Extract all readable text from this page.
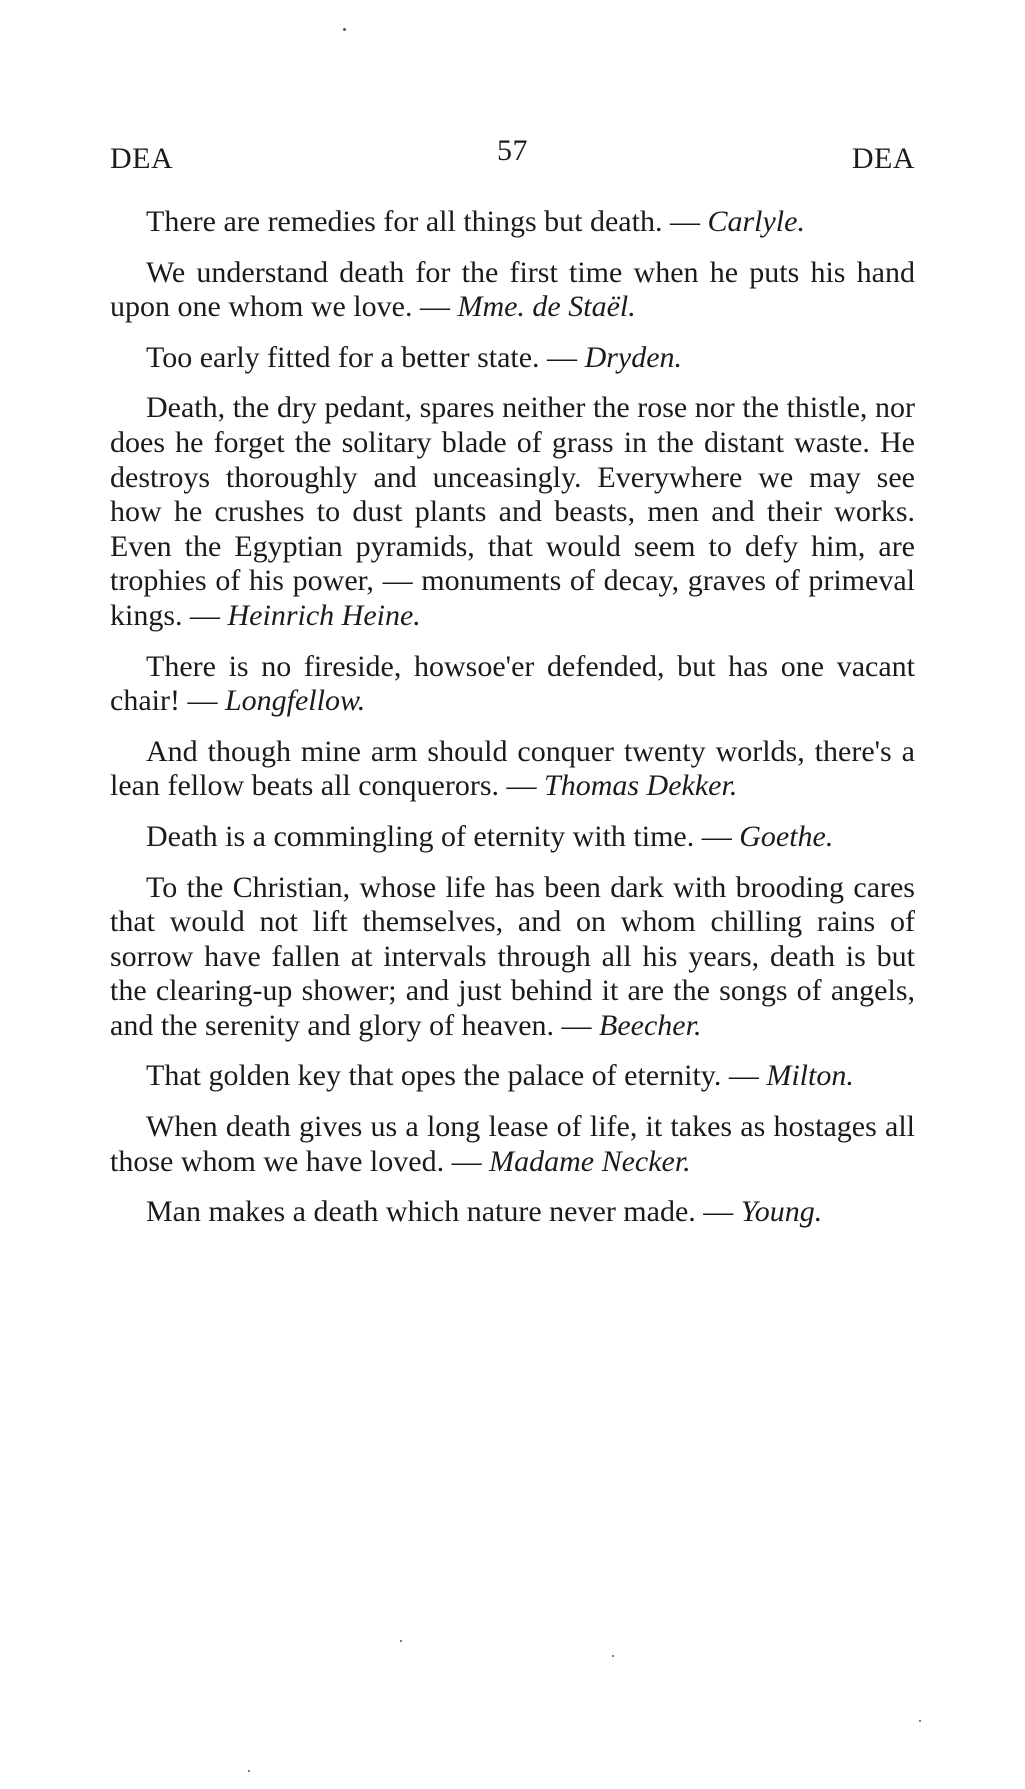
DEA	57	DEA

There are remedies for all things but death. — Carlyle.

We understand death for the first time when he puts his hand upon one whom we love. — Mme. de Staël.

Too early fitted for a better state. — Dryden.

Death, the dry pedant, spares neither the rose nor the thistle, nor does he forget the solitary blade of grass in the distant waste. He destroys thoroughly and unceasingly. Everywhere we may see how he crushes to dust plants and beasts, men and their works. Even the Egyptian pyramids, that would seem to defy him, are trophies of his power, — monuments of decay, graves of primeval kings. — Heinrich Heine.

There is no fireside, howsoe'er defended, but has one vacant chair! — Longfellow.

And though mine arm should conquer twenty worlds, there's a lean fellow beats all conquerors. — Thomas Dekker.

Death is a commingling of eternity with time. — Goethe.

To the Christian, whose life has been dark with brooding cares that would not lift themselves, and on whom chilling rains of sorrow have fallen at intervals through all his years, death is but the clearing-up shower; and just behind it are the songs of angels, and the serenity and glory of heaven. — Beecher.

That golden key that opes the palace of eternity. — Milton.

When death gives us a long lease of life, it takes as hostages all those whom we have loved. — Madame Necker.

Man makes a death which nature never made. — Young.
